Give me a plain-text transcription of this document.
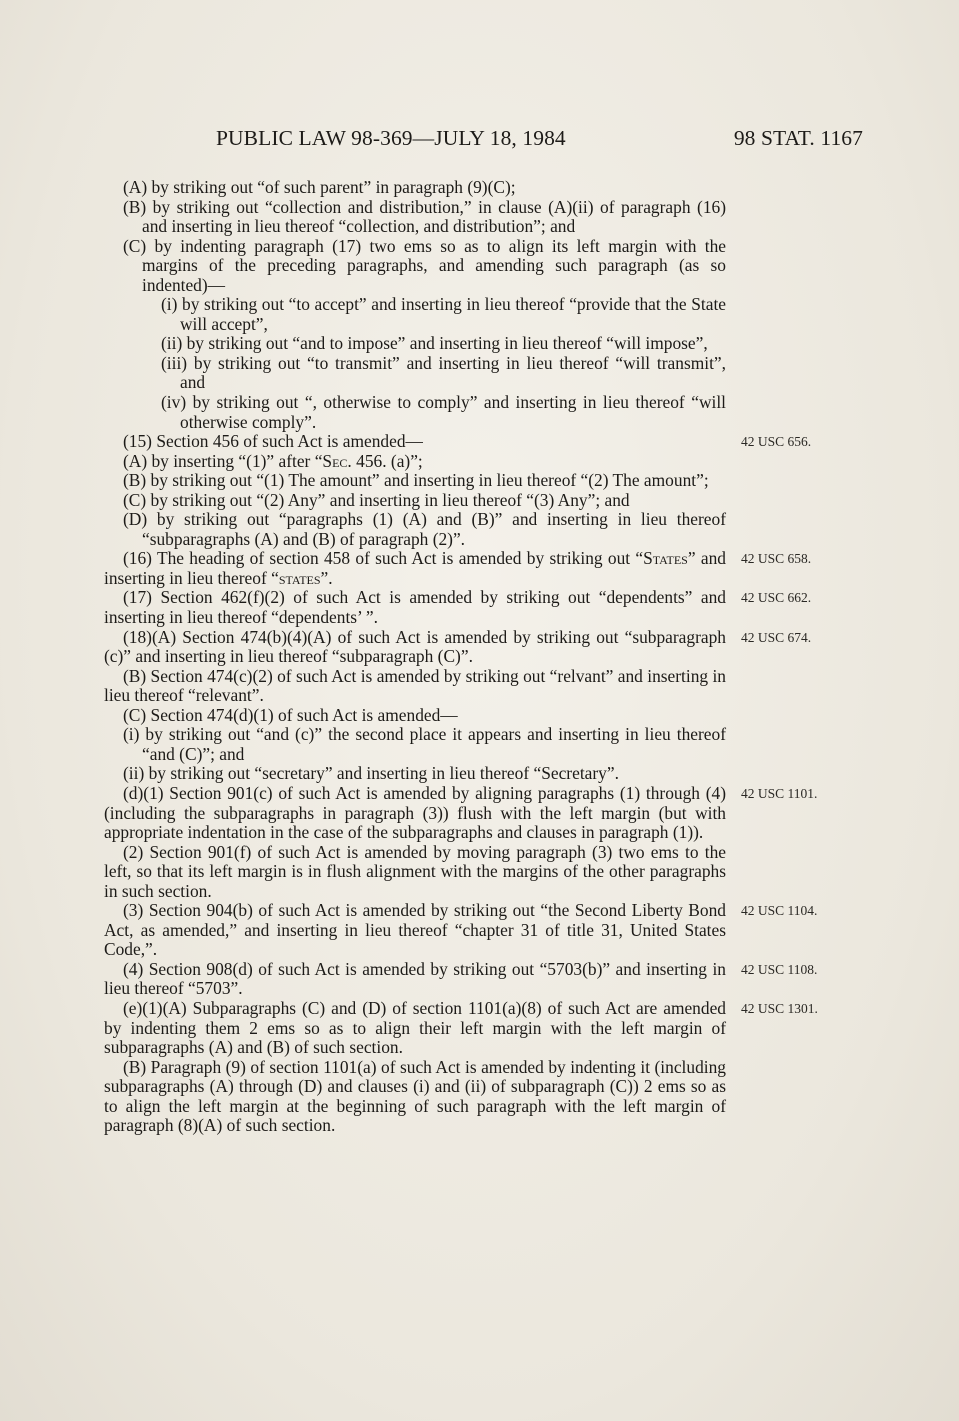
PUBLIC LAW 98-369—JULY 18, 1984	98 STAT. 1167

(A) by striking out “of such parent” in paragraph (9)(C);

(B) by striking out “collection and distribution,” in clause (A)(ii) of paragraph (16) and inserting in lieu thereof “collection, and distribution”; and

(C) by indenting paragraph (17) two ems so as to align its left margin with the margins of the preceding paragraphs, and amending such paragraph (as so indented)—

(i) by striking out “to accept” and inserting in lieu thereof “provide that the State will accept”,

(ii) by striking out “and to impose” and inserting in lieu thereof “will impose”,

(iii) by striking out “to transmit” and inserting in lieu thereof “will transmit”, and

(iv) by striking out “, otherwise to comply” and inserting in lieu thereof “will otherwise comply”.

(15) Section 456 of such Act is amended—	42 USC 656.

(A) by inserting “(1)” after “Sec. 456. (a)”;

(B) by striking out “(1) The amount” and inserting in lieu thereof “(2) The amount”;

(C) by striking out “(2) Any” and inserting in lieu thereof “(3) Any”; and

(D) by striking out “paragraphs (1) (A) and (B)” and inserting in lieu thereof “subparagraphs (A) and (B) of paragraph (2)”.

(16) The heading of section 458 of such Act is amended by striking out “States” and inserting in lieu thereof “states”.
42 USC 658.
(17) Section 462(f)(2) of such Act is amended by striking out “dependents” and inserting in lieu thereof “dependents’ ”.
42 USC 662.
(18)(A) Section 474(b)(4)(A) of such Act is amended by striking out “subparagraph (c)” and inserting in lieu thereof “subparagraph (C)”.
42 USC 674.

(B) Section 474(c)(2) of such Act is amended by striking out “relvant” and inserting in lieu thereof “relevant”.

(C) Section 474(d)(1) of such Act is amended—

(i) by striking out “and (c)” the second place it appears and inserting in lieu thereof “and (C)”; and

(ii) by striking out “secretary” and inserting in lieu thereof “Secretary”.

(d)(1) Section 901(c) of such Act is amended by aligning paragraphs (1) through (4) (including the subparagraphs in paragraph (3)) flush with the left margin (but with appropriate indentation in the case of the subparagraphs and clauses in paragraph (1)).
42 USC 1101.

(2) Section 901(f) of such Act is amended by moving paragraph (3) two ems to the left, so that its left margin is in flush alignment with the margins of the other paragraphs in such section.

(3) Section 904(b) of such Act is amended by striking out “the Second Liberty Bond Act, as amended,” and inserting in lieu thereof “chapter 31 of title 31, United States Code,”.
42 USC 1104.
(4) Section 908(d) of such Act is amended by striking out “5703(b)” and inserting in lieu thereof “5703”.
42 USC 1108.
(e)(1)(A) Subparagraphs (C) and (D) of section 1101(a)(8) of such Act are amended by indenting them 2 ems so as to align their left margin with the left margin of subparagraphs (A) and (B) of such section.
42 USC 1301.

(B) Paragraph (9) of section 1101(a) of such Act is amended by indenting it (including subparagraphs (A) through (D) and clauses (i) and (ii) of subparagraph (C)) 2 ems so as to align the left margin at the beginning of such paragraph with the left margin of paragraph (8)(A) of such section.
